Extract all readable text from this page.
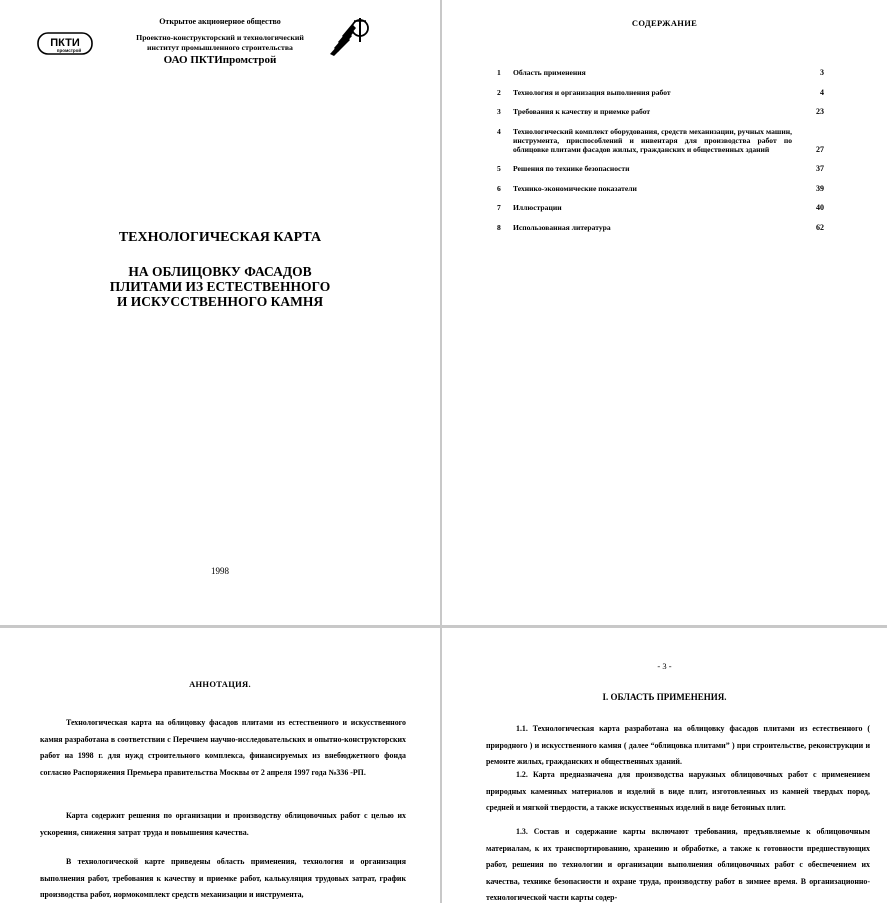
ПКТИ
промстрой
Открытое акционерное общество
Проектно-конструкторский и технологический
институт промышленного строительства
ОАО ПКТИпромстрой
ТЕХНОЛОГИЧЕСКАЯ КАРТА
НА ОБЛИЦОВКУ ФАСАДОВ
ПЛИТАМИ ИЗ ЕСТЕСТВЕННОГО
И ИСКУССТВЕННОГО КАМНЯ
1998
СОДЕРЖАНИЕ
1	Область применения	3
2	Технология и организация выполнения работ	4
3	Требования к качеству и приемке работ	23
4	Технологический комплект оборудования, средств механизации, ручных машин, инструмента, приспособлений и инвентаря для производства работ по облицовке плитами фасадов жилых, гражданских и общественных зданий	27
5	Решения по технике безопасности	37
6	Технико-экономические показатели	39
7	Иллюстрации	40
8	Использованная литература	62
АННОТАЦИЯ.

Технологическая карта на облицовку фасадов плитами из естественного и искусственного камня разработана в соответствии с Перечнем научно-исследовательских и опытно-конструкторских работ на 1998 г. для нужд строительного комплекса, финансируемых из внебюджетного фонда согласно Распоряжения Премьера правительства Москвы от 2 апреля 1997 года №336 -РП.

Карта содержит решения по организации и производству облицовочных работ с целью их ускорения, снижения затрат труда и повышения качества.

В технологической карте приведены область применения, технология и организация выполнения работ, требования к качеству и приемке работ, калькуляция трудовых затрат, график производства работ, нормокомплект средств механизации и инструмента,

- 3 -
I. ОБЛАСТЬ ПРИМЕНЕНИЯ.

1.1. Технологическая карта разработана на облицовку фасадов плитами из естественного ( природного ) и искусственного камня ( далее “облицовка плитами” ) при строительстве, реконструкции и ремонте жилых, гражданских и общественных зданий.

1.2. Карта предназначена для производства наружных облицовочных работ с применением природных каменных материалов и изделий в виде плит, изготовленных из камней твердых пород, средней и мягкой твердости, а также искусственных изделий в виде бетонных плит.

1.3. Состав и содержание карты включают требования, предъявляемые к облицовочным материалам, к их транспортированию, хранению и обработке, а также к готовности предшествующих работ, решения по технологии и организации выполнения облицовочных работ с обеспечением их качества, технике безопасности и охране труда, производству работ в зимнее время. В организационно-технологической части карты содер-
